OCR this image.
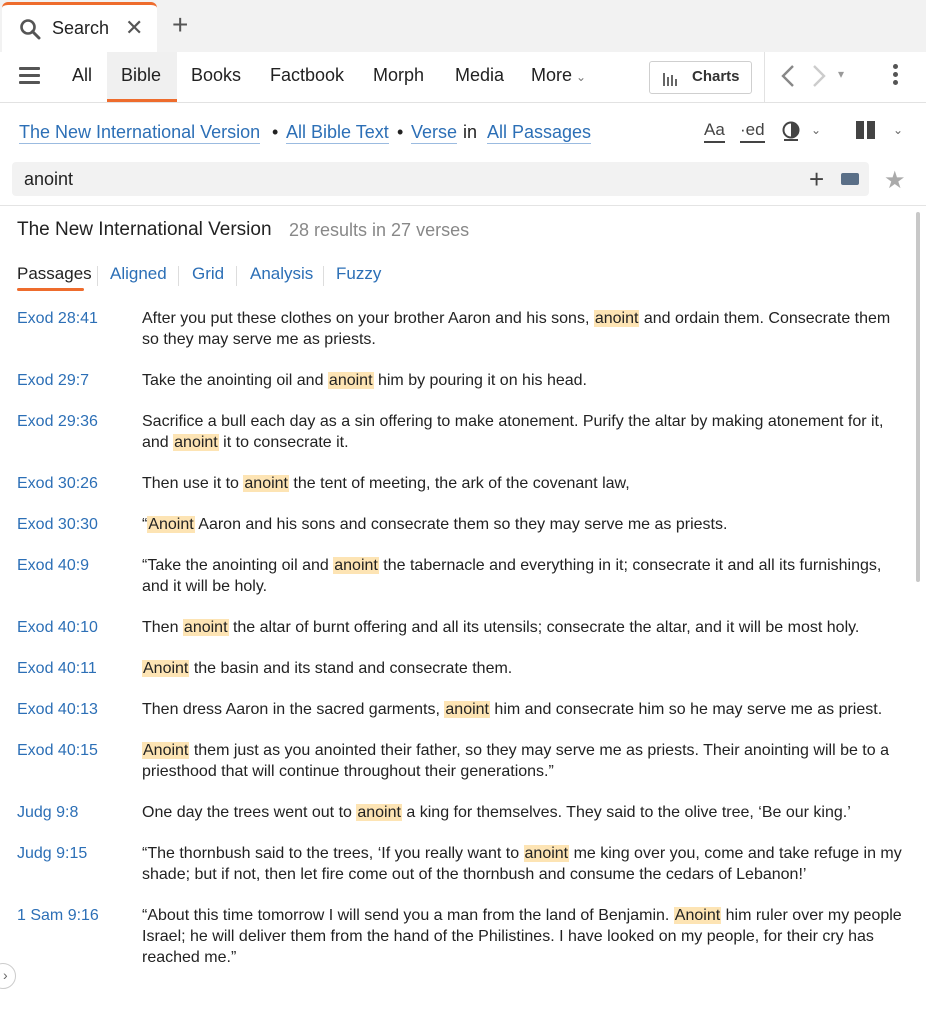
Search ✕ +
All Bible Books Factbook Morph Media More ⌄	Charts	▾
The New International Version • All Bible Text • Verse in All Passages	Aa ·ed	⌄	⌄
anoint	+ ★
The New International Version 28 results in 27 verses
Passages Aligned Grid Analysis Fuzzy
Exod 28:41	After you put these clothes on your brother Aaron and his sons, anoint and ordain them. Consecrate them so they may serve me as priests.
Exod 29:7	Take the anointing oil and anoint him by pouring it on his head.
Exod 29:36	Sacrifice a bull each day as a sin offering to make atonement. Purify the altar by making atonement for it, and anoint it to consecrate it.
Exod 30:26	Then use it to anoint the tent of meeting, the ark of the covenant law,
Exod 30:30	“Anoint Aaron and his sons and consecrate them so they may serve me as priests.
Exod 40:9	“Take the anointing oil and anoint the tabernacle and everything in it; consecrate it and all its furnishings, and it will be holy.
Exod 40:10	Then anoint the altar of burnt offering and all its utensils; consecrate the altar, and it will be most holy.
Exod 40:11	Anoint the basin and its stand and consecrate them.
Exod 40:13	Then dress Aaron in the sacred garments, anoint him and consecrate him so he may serve me as priest.
Exod 40:15	Anoint them just as you anointed their father, so they may serve me as priests. Their anointing will be to a priesthood that will continue throughout their generations.”
Judg 9:8	One day the trees went out to anoint a king for themselves. They said to the olive tree, ‘Be our king.’
Judg 9:15	“The thornbush said to the trees, ‘If you really want to anoint me king over you, come and take refuge in my shade; but if not, then let fire come out of the thornbush and consume the cedars of Lebanon!’
1 Sam 9:16	“About this time tomorrow I will send you a man from the land of Benjamin. Anoint him ruler over my people Israel; he will deliver them from the hand of the Philistines. I have looked on my people, for their cry has reached me.”
›
